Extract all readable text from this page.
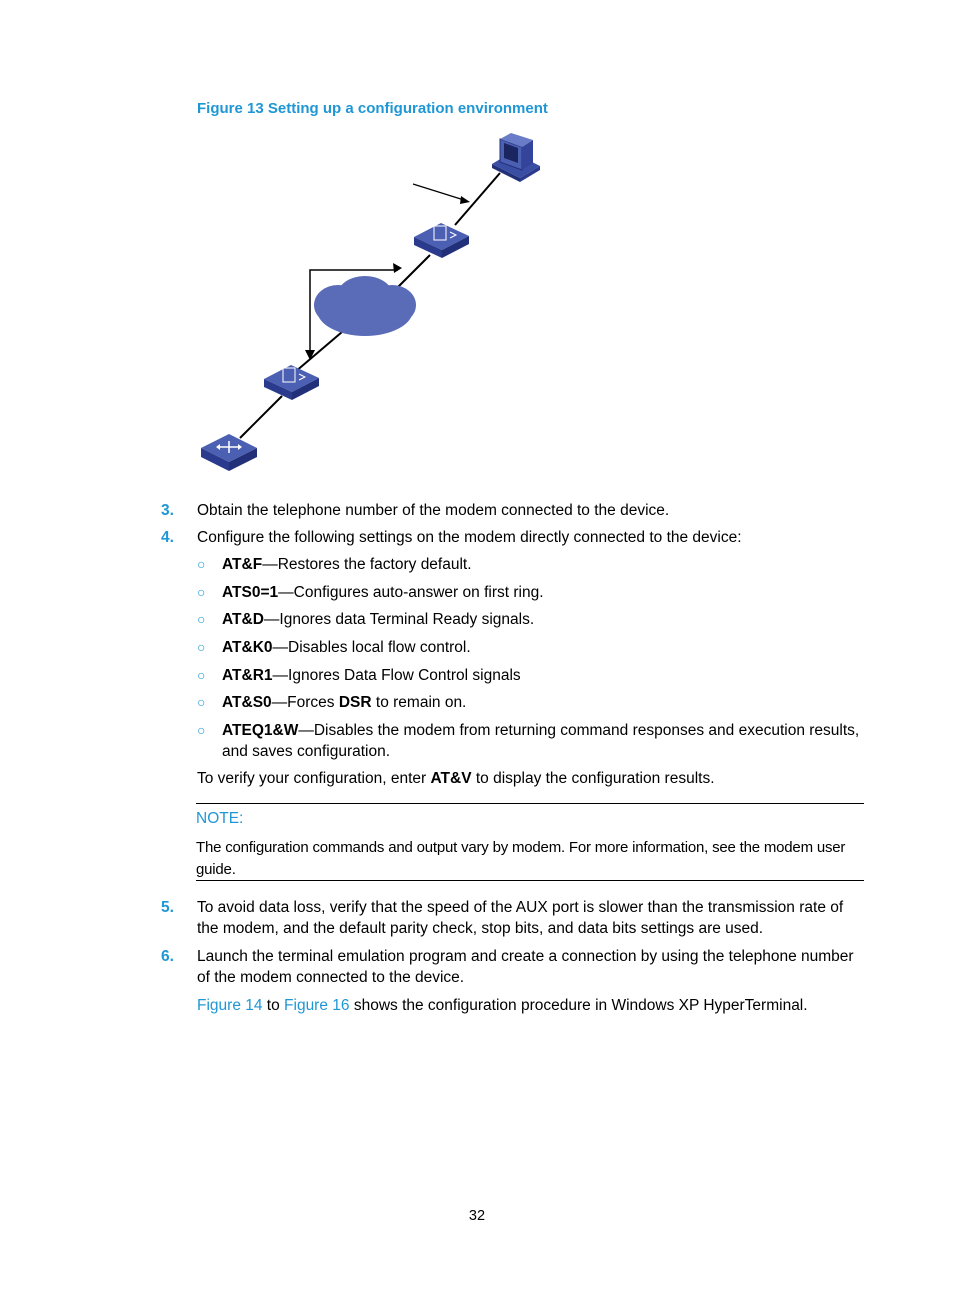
Figure 13 Setting up a configuration environment
3. Obtain the telephone number of the modem connected to the device.
4. Configure the following settings on the modem directly connected to the device:
○ AT&F—Restores the factory default.
○ ATS0=1—Configures auto-answer on first ring.
○ AT&D—Ignores data Terminal Ready signals.
○ AT&K0—Disables local flow control.
○ AT&R1—Ignores Data Flow Control signals
○ AT&S0—Forces DSR to remain on.
○ ATEQ1&W—Disables the modem from returning command responses and execution results, and saves configuration.
To verify your configuration, enter AT&V to display the configuration results.
NOTE:
The configuration commands and output vary by modem. For more information, see the modem user guide.
5. To avoid data loss, verify that the speed of the AUX port is slower than the transmission rate of the modem, and the default parity check, stop bits, and data bits settings are used.
6. Launch the terminal emulation program and create a connection by using the telephone number of the modem connected to the device.
Figure 14 to Figure 16 shows the configuration procedure in Windows XP HyperTerminal.
32
